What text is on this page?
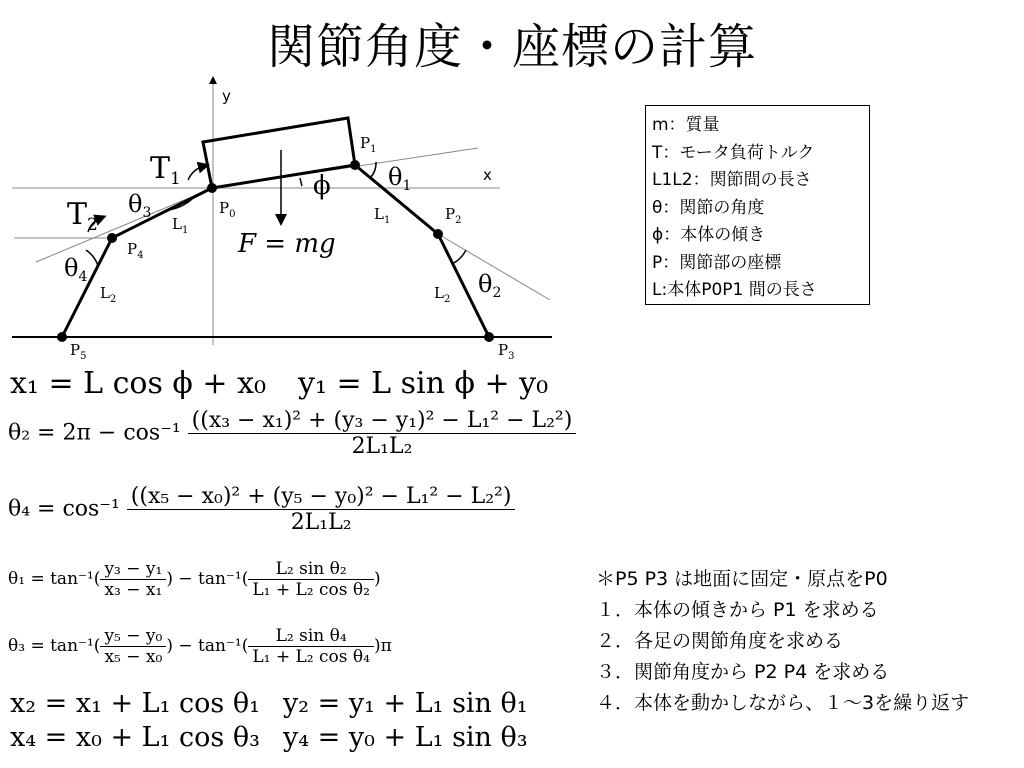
関節角度・座標の計算
y
x
$T_1$
$T_2$
$\theta_3$
$\theta_4$
$\theta_1$
$\theta_2$
ϕ
F = mg
$P_0$
$P_1$
$P_2$
$P_3$
$P_4$
$P_5$
$L_1$
$L_1$
$L_2$	$L_2$
m：質量
T：モータ負荷トルク
L1L2：関節間の長さ
θ：関節の角度
ϕ：本体の傾き
P：関節部の座標
L:本体P0P1 間の長さ
x₁ = L cos ϕ + x₀ y₁ = L sin ϕ + y₀
$\theta_2 = 2\pi - \cos^{-1} \frac{\text{((x₃ − x₁)² + (y₃ − y₁)² − L₁² − L₂²)}}{\text{2L₁L₂}}$
$\theta_4 = \cos^{-1} \frac{\text{((x₅ − x₀)² + (y₅ − y₀)² − L₁² − L₂²)}}{\text{2L₁L₂}}$
$\theta_1 = \tan^{-1}( \frac{\text{y₃ − y₁}}{\text{x₃ − x₁}}$ ) − $\tan^{-1}( \frac{\text{L₂ sin θ₂}}{\text{L₁ + L₂ cos θ₂}}$ )
$\theta_3 = \tan^{-1}( \frac{\text{y₅ − y₀}}{\text{x₅ − x₀}}$ ) − $\tan^{-1}( \frac{\text{L₂ sin θ₄}}{\text{L₁ + L₂ cos θ₄}} )\pi$
x₂ = x₁ + L₁ cos θ₁ y₂ = y₁ + L₁ sin θ₁
x₄ = x₀ + L₁ cos θ₃ y₄ = y₀ + L₁ sin θ₃
＊P5 P3 は地面に固定・原点をP0
１．本体の傾きから P1 を求める
２．各足の関節角度を求める
３．関節角度から P2 P4 を求める
４．本体を動かしながら、１～3を繰り返す
